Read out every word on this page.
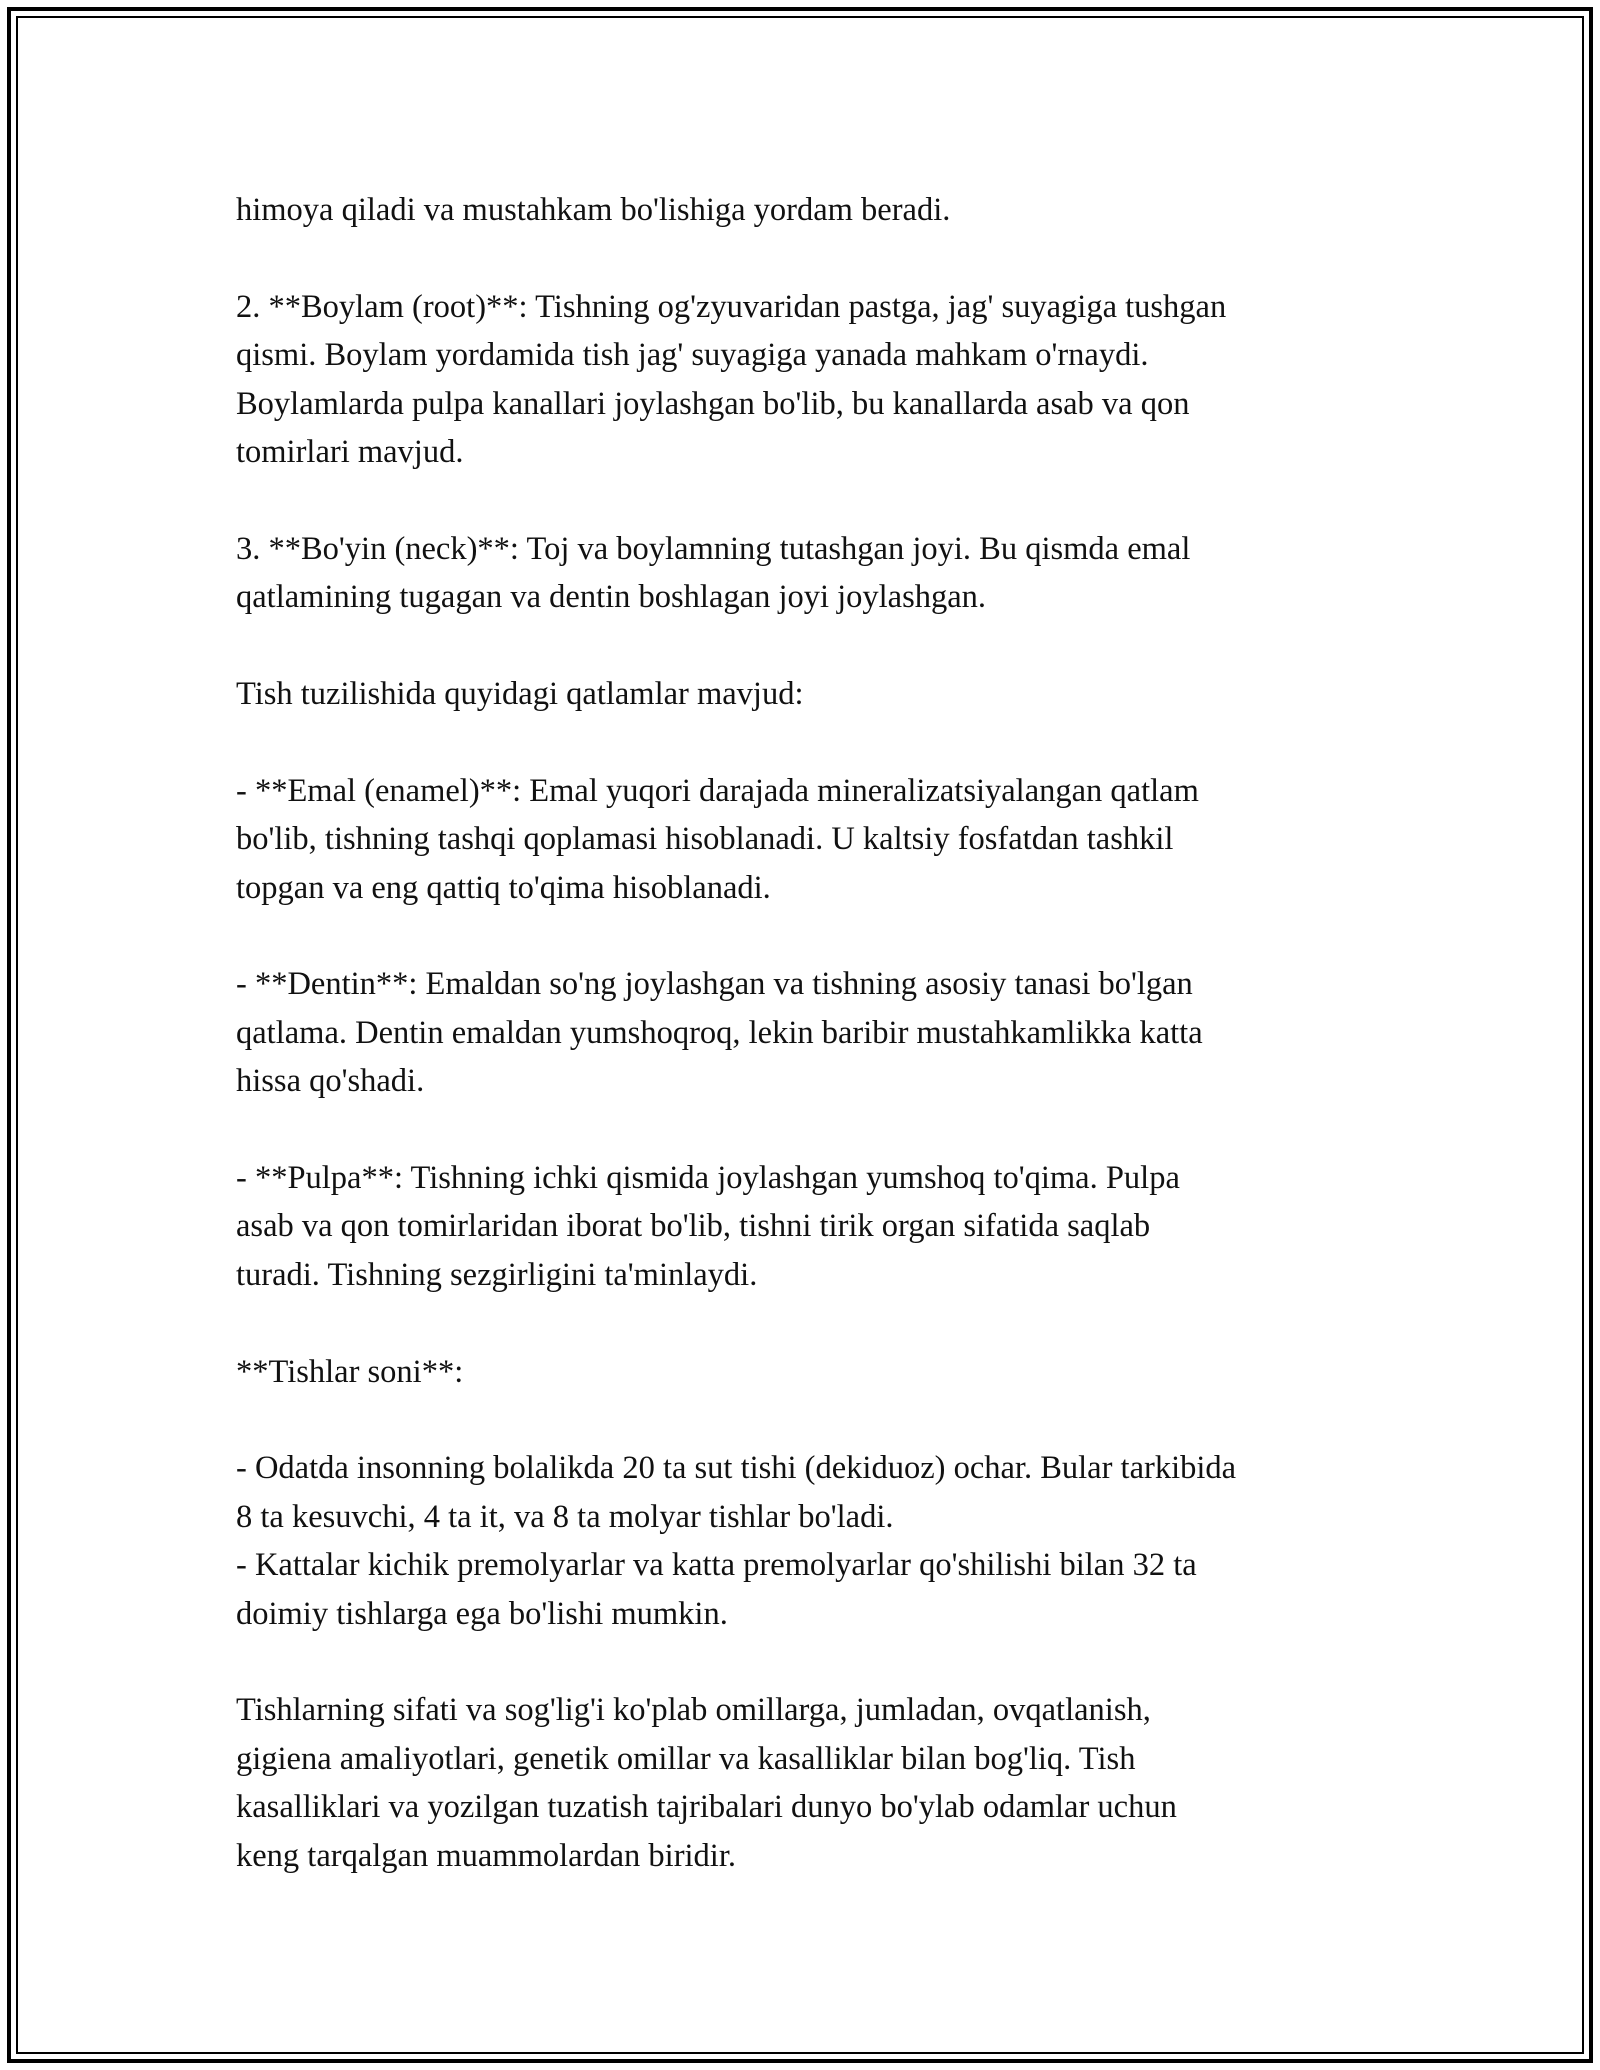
himoya qiladi va mustahkam bo'lishiga yordam beradi.
2. **Boylam (root)**: Tishning og'zyuvaridan pastga, jag' suyagiga tushgan
qismi. Boylam yordamida tish jag' suyagiga yanada mahkam o'rnaydi.
Boylamlarda pulpa kanallari joylashgan bo'lib, bu kanallarda asab va qon
tomirlari mavjud.
3. **Bo'yin (neck)**: Toj va boylamning tutashgan joyi. Bu qismda emal
qatlamining tugagan va dentin boshlagan joyi joylashgan.
Tish tuzilishida quyidagi qatlamlar mavjud:
- **Emal (enamel)**: Emal yuqori darajada mineralizatsiyalangan qatlam
bo'lib, tishning tashqi qoplamasi hisoblanadi. U kaltsiy fosfatdan tashkil
topgan va eng qattiq to'qima hisoblanadi.
- **Dentin**: Emaldan so'ng joylashgan va tishning asosiy tanasi bo'lgan
qatlama. Dentin emaldan yumshoqroq, lekin baribir mustahkamlikka katta
hissa qo'shadi.
- **Pulpa**: Tishning ichki qismida joylashgan yumshoq to'qima. Pulpa
asab va qon tomirlaridan iborat bo'lib, tishni tirik organ sifatida saqlab
turadi. Tishning sezgirligini ta'minlaydi.
**Tishlar soni**:
- Odatda insonning bolalikda 20 ta sut tishi (dekiduoz) ochar. Bular tarkibida
8 ta kesuvchi, 4 ta it, va 8 ta molyar tishlar bo'ladi.
- Kattalar kichik premolyarlar va katta premolyarlar qo'shilishi bilan 32 ta
doimiy tishlarga ega bo'lishi mumkin.
Tishlarning sifati va sog'lig'i ko'plab omillarga, jumladan, ovqatlanish,
gigiena amaliyotlari, genetik omillar va kasalliklar bilan bog'liq. Tish
kasalliklari va yozilgan tuzatish tajribalari dunyo bo'ylab odamlar uchun
keng tarqalgan muammolardan biridir.
